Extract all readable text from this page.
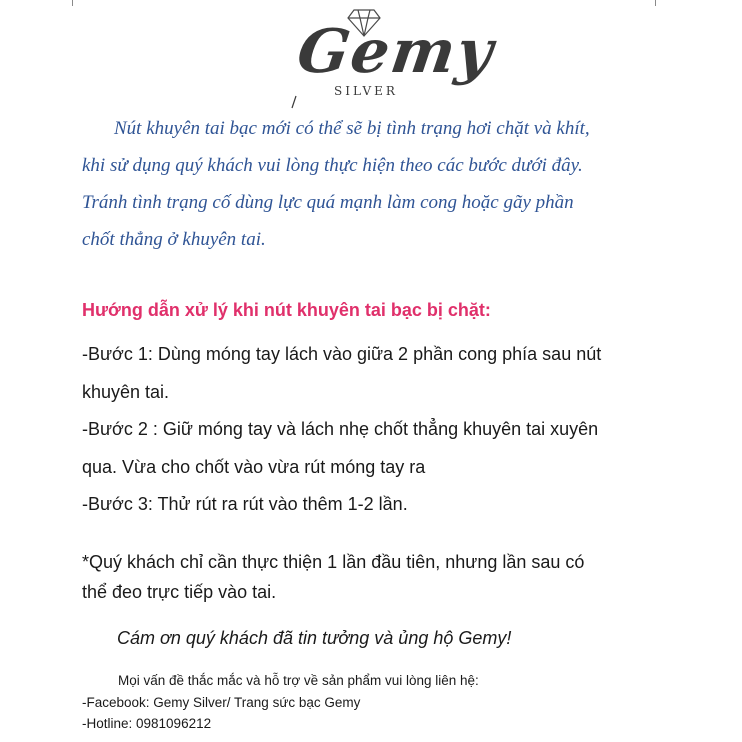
Gemy
SILVER
Nút khuyên tai bạc mới có thể sẽ bị tình trạng hơi chặt và khít,
khi sử dụng quý khách vui lòng thực hiện theo các bước dưới đây.
Tránh tình trạng cố dùng lực quá mạnh làm cong hoặc gãy phần
chốt thẳng ở khuyên tai.
Hướng dẫn xử lý khi nút khuyên tai bạc bị chặt:
-Bước 1: Dùng móng tay lách vào giữa 2 phần cong phía sau nút
khuyên tai.
-Bước 2 : Giữ móng tay và lách nhẹ chốt thẳng khuyên tai xuyên
qua. Vừa cho chốt vào vừa rút móng tay ra
-Bước 3: Thử rút ra rút vào thêm 1-2 lần.
*Quý khách chỉ cần thực thiện 1 lần đầu tiên, nhưng lần sau có
thể đeo trực tiếp vào tai.
Cám ơn quý khách đã tin tưởng và ủng hộ Gemy!
Mọi vấn đề thắc mắc và hỗ trợ về sản phẩm vui lòng liên hệ:
-Facebook: Gemy Silver/ Trang sức bạc Gemy
-Hotline: 0981096212
